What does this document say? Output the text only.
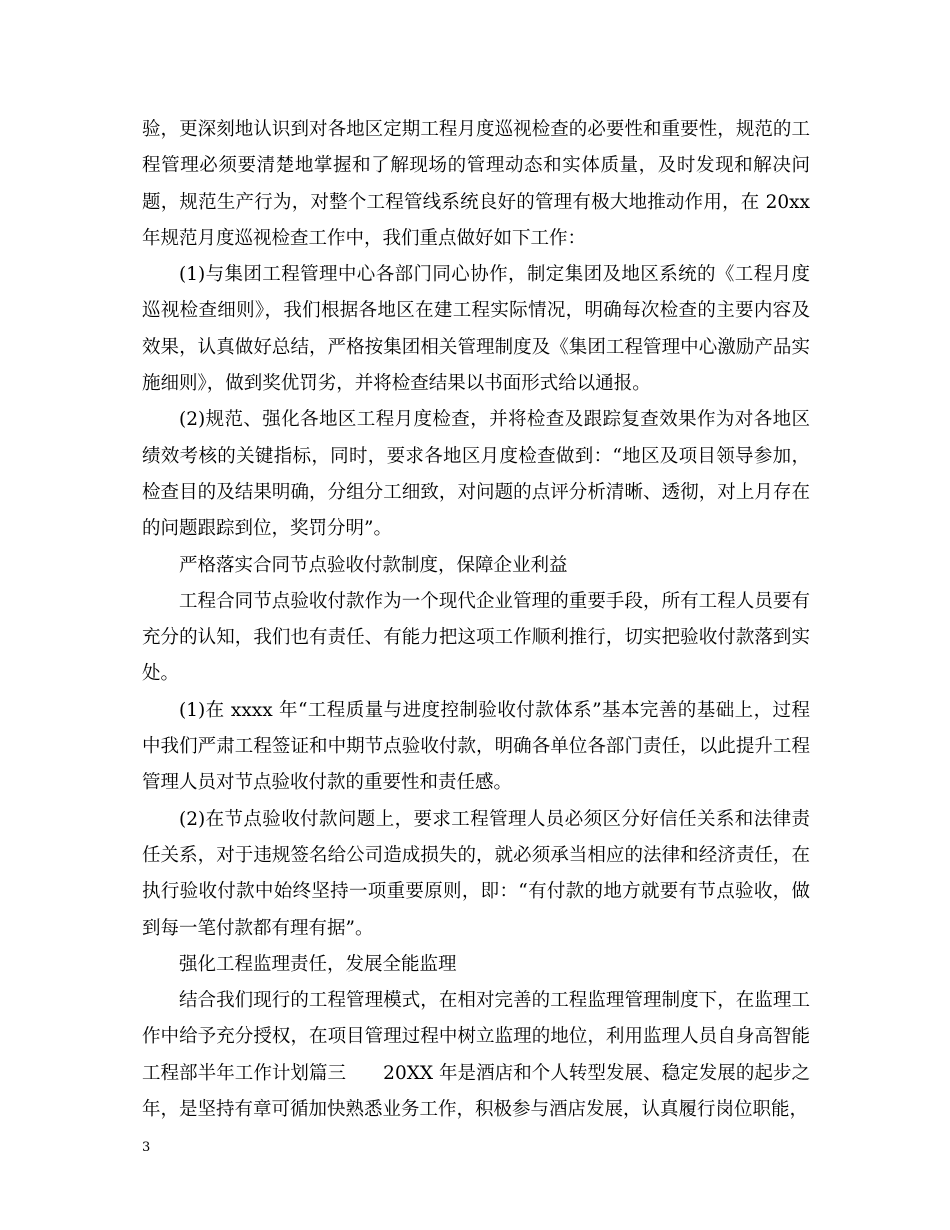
验，更深刻地认识到对各地区定期工程月度巡视检查的必要性和重要性，规范的工程管理必须要清楚地掌握和了解现场的管理动态和实体质量，及时发现和解决问题，规范生产行为，对整个工程管线系统良好的管理有极大地推动作用，在 20xx 年规范月度巡视检查工作中，我们重点做好如下工作：

(1)与集团工程管理中心各部门同心协作，制定集团及地区系统的《工程月度巡视检查细则》，我们根据各地区在建工程实际情况，明确每次检查的主要内容及效果，认真做好总结，严格按集团相关管理制度及《集团工程管理中心激励产品实施细则》，做到奖优罚劣，并将检查结果以书面形式给以通报。

(2)规范、强化各地区工程月度检查，并将检查及跟踪复查效果作为对各地区绩效考核的关键指标，同时，要求各地区月度检查做到：“地区及项目领导参加，检查目的及结果明确，分组分工细致，对问题的点评分析清晰、透彻，对上月存在的问题跟踪到位，奖罚分明”。

严格落实合同节点验收付款制度，保障企业利益

工程合同节点验收付款作为一个现代企业管理的重要手段，所有工程人员要有充分的认知，我们也有责任、有能力把这项工作顺利推行，切实把验收付款落到实处。

(1)在 xxxx 年“工程质量与进度控制验收付款体系”基本完善的基础上，过程中我们严肃工程签证和中期节点验收付款，明确各单位各部门责任，以此提升工程管理人员对节点验收付款的重要性和责任感。

(2)在节点验收付款问题上，要求工程管理人员必须区分好信任关系和法律责任关系，对于违规签名给公司造成损失的，就必须承当相应的法律和经济责任，在执行验收付款中始终坚持一项重要原则，即：“有付款的地方就要有节点验收，做到每一笔付款都有理有据”。

强化工程监理责任，发展全能监理

结合我们现行的工程管理模式，在相对完善的工程监理管理制度下，在监理工作中给予充分授权，在项目管理过程中树立监理的地位，利用监理人员自身高智能工程部半年工作计划篇三　　20XX 年是酒店和个人转型发展、稳定发展的起步之年，是坚持有章可循加快熟悉业务工作，积极参与酒店发展，认真履行岗位职能，

3
